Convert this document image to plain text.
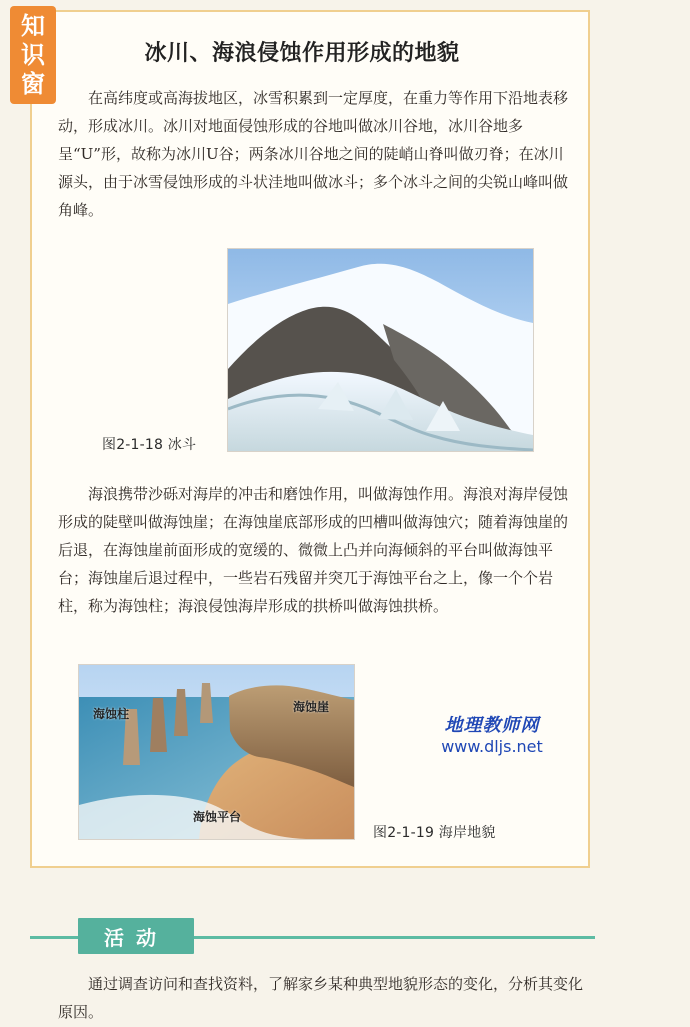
知
识
窗
冰川、海浪侵蚀作用形成的地貌

在高纬度或高海拔地区，冰雪积累到一定厚度，在重力等作用下沿地表移动，形成冰川。冰川对地面侵蚀形成的谷地叫做冰川谷地，冰川谷地多呈“U”形，故称为冰川U谷；两条冰川谷地之间的陡峭山脊叫做刃脊；在冰川源头，由于冰雪侵蚀形成的斗状洼地叫做冰斗；多个冰斗之间的尖锐山峰叫做角峰。

图2-1-18 冰斗

海浪携带沙砾对海岸的冲击和磨蚀作用，叫做海蚀作用。海浪对海岸侵蚀形成的陡壁叫做海蚀崖；在海蚀崖底部形成的凹槽叫做海蚀穴；随着海蚀崖的后退，在海蚀崖前面形成的宽缓的、微微上凸并向海倾斜的平台叫做海蚀平台；海蚀崖后退过程中，一些岩石残留并突兀于海蚀平台之上，像一个个岩柱，称为海蚀柱；海浪侵蚀海岸形成的拱桥叫做海蚀拱桥。

海蚀柱	海蚀崖
海蚀平台
图2-1-19 海岸地貌
地理教师网
www.dljs.net
活动

通过调查访问和查找资料，了解家乡某种典型地貌形态的变化，分析其变化原因。
